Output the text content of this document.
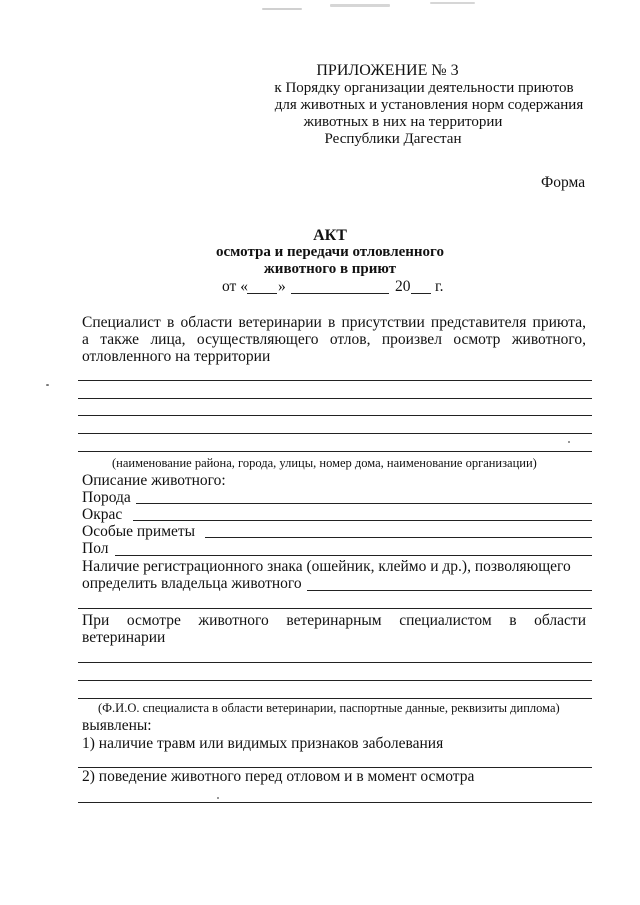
ПРИЛОЖЕНИЕ № 3
к Порядку организации деятельности приютов
для животных и установления норм содержания
животных в них на территории
Республики Дагестан
Форма
АКТ
осмотра и передачи отловленного
животного в приют
от « »	20 г.
Специалист в области ветеринарии в присутствии представителя приюта,
а также лица, осуществляющего отлов, произвел осмотр животного,
отловленного на территории
(наименование района, города, улицы, номер дома, наименование организации)
Описание животного:
Порода
Окрас
Особые приметы
Пол
Наличие регистрационного знака (ошейник, клеймо и др.), позволяющего
определить владельца животного
При осмотре животного ветеринарным специалистом в области
ветеринарии
(Ф.И.О. специалиста в области ветеринарии, паспортные данные, реквизиты диплома)
выявлены:
1) наличие травм или видимых признаков заболевания
2) поведение животного перед отловом и в момент осмотра
